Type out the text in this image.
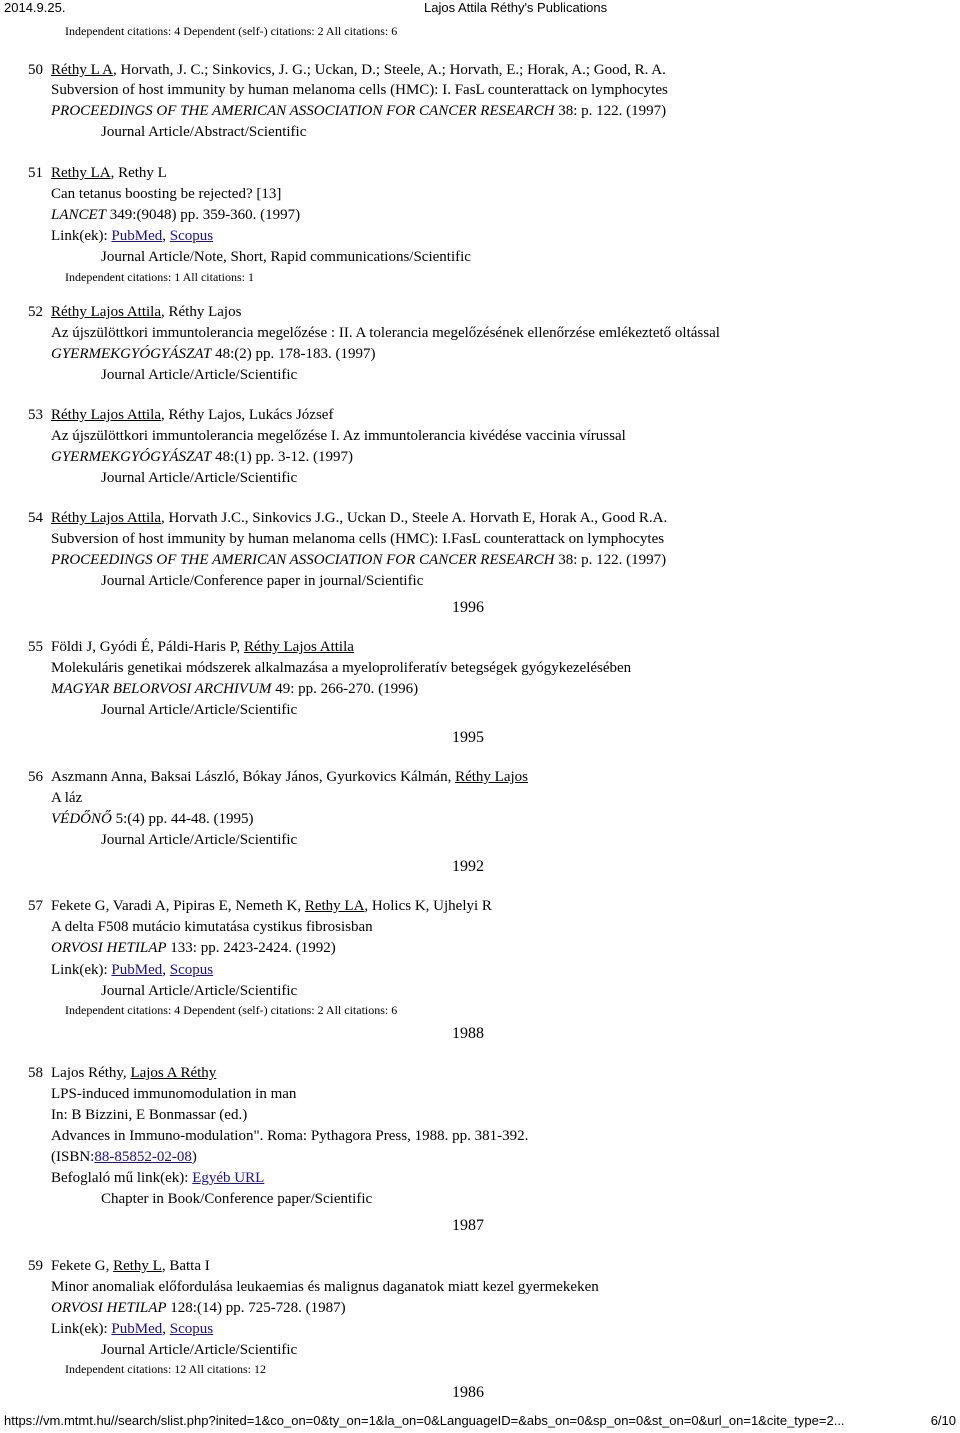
2014.9.25.	Lajos Attila Réthy's Publications
Independent citations: 4 Dependent (self-) citations: 2 All citations: 6
50 Réthy L A, Horvath, J. C.; Sinkovics, J. G.; Uckan, D.; Steele, A.; Horvath, E.; Horak, A.; Good, R. A.
Subversion of host immunity by human melanoma cells (HMC): I. FasL counterattack on lymphocytes
PROCEEDINGS OF THE AMERICAN ASSOCIATION FOR CANCER RESEARCH 38: p. 122. (1997)
Journal Article/Abstract/Scientific
51 Rethy LA, Rethy L
Can tetanus boosting be rejected? [13]
LANCET 349:(9048) pp. 359-360. (1997)
Link(ek): PubMed, Scopus
Journal Article/Note, Short, Rapid communications/Scientific
Independent citations: 1 All citations: 1
52 Réthy Lajos Attila, Réthy Lajos
Az újszülöttkori immuntolerancia megelőzése : II. A tolerancia megelőzésének ellenőrzése emlékeztető oltással
GYERMEKGYÓGYÁSZAT 48:(2) pp. 178-183. (1997)
Journal Article/Article/Scientific
53 Réthy Lajos Attila, Réthy Lajos, Lukács József
Az újszülöttkori immuntolerancia megelőzése I. Az immuntolerancia kivédése vaccinia vírussal
GYERMEKGYÓGYÁSZAT 48:(1) pp. 3-12. (1997)
Journal Article/Article/Scientific
54 Réthy Lajos Attila, Horvath J.C., Sinkovics J.G., Uckan D., Steele A. Horvath E, Horak A., Good R.A.
Subversion of host immunity by human melanoma cells (HMC): I.FasL counterattack on lymphocytes
PROCEEDINGS OF THE AMERICAN ASSOCIATION FOR CANCER RESEARCH 38: p. 122. (1997)
Journal Article/Conference paper in journal/Scientific
1996
55 Földi J, Gyódi É, Páldi-Haris P, Réthy Lajos Attila
Molekuláris genetikai módszerek alkalmazása a myeloproliferatív betegségek gyógykezelésében
MAGYAR BELORVOSI ARCHIVUM 49: pp. 266-270. (1996)
Journal Article/Article/Scientific
1995
56 Aszmann Anna, Baksai László, Bókay János, Gyurkovics Kálmán, Réthy Lajos
A láz
VÉDŐNŐ 5:(4) pp. 44-48. (1995)
Journal Article/Article/Scientific
1992
57 Fekete G, Varadi A, Pipiras E, Nemeth K, Rethy LA, Holics K, Ujhelyi R
A delta F508 mutácio kimutatása cystikus fibrosisban
ORVOSI HETILAP 133: pp. 2423-2424. (1992)
Link(ek): PubMed, Scopus
Journal Article/Article/Scientific
Independent citations: 4 Dependent (self-) citations: 2 All citations: 6
1988
58 Lajos Réthy, Lajos A Réthy
LPS-induced immunomodulation in man
In: B Bizzini, E Bonmassar (ed.)
Advances in Immuno-modulation". Roma: Pythagora Press, 1988. pp. 381-392.
(ISBN:88-85852-02-08)
Befoglaló mű link(ek): Egyéb URL
Chapter in Book/Conference paper/Scientific
1987
59 Fekete G, Rethy L, Batta I
Minor anomaliak előfordulása leukaemias és malignus daganatok miatt kezel gyermekeken
ORVOSI HETILAP 128:(14) pp. 725-728. (1987)
Link(ek): PubMed, Scopus
Journal Article/Article/Scientific
Independent citations: 12 All citations: 12
1986
https://vm.mtmt.hu//search/slist.php?inited=1&co_on=0&ty_on=1&la_on=0&LanguageID=&abs_on=0&sp_on=0&st_on=0&url_on=1&cite_type=2...	6/10
